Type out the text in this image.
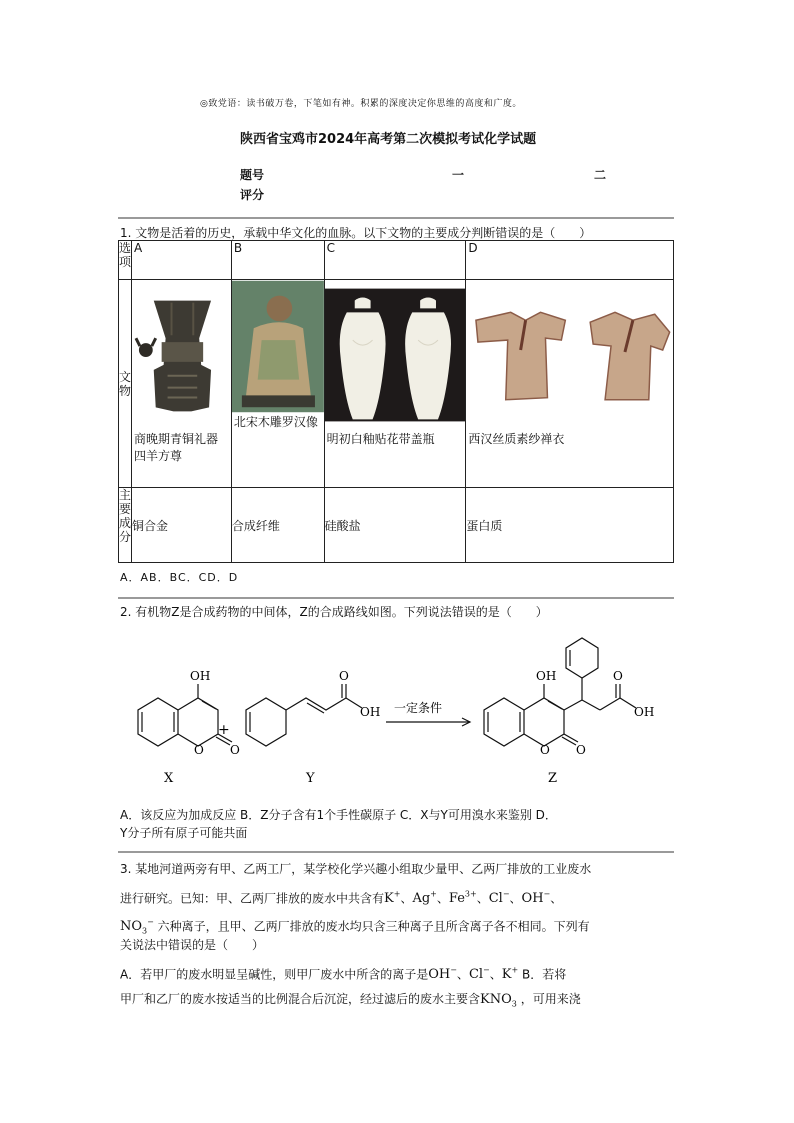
◎致党语：读书破万卷，下笔如有神。积累的深度决定你思维的高度和广度。
陕西省宝鸡市2024年高考第二次模拟考试化学试题
题号	一	二
评分
1. 文物是活着的历史，承载中华文化的血脉。以下文物的主要成分判断错误的是（　　）
选项	A	B	C	D

文物	商晚期青铜礼器四羊方尊	北宋木雕罗汉像	明初白釉贴花带盖瓶	西汉丝质素纱禅衣

主要成分	铜合金	合成纤维	硅酸盐	蛋白质
A．AB．BC．CD．D
2. 有机物Z是合成药物的中间体，Z的合成路线如图。下列说法错误的是（　　）
OH
O O
+
O
OH 一定条件
OH
O O
O
OH
X	Y	Z
A．该反应为加成反应 B．Z分子含有1个手性碳原子 C．X与Y可用溴水来鉴别 D．
Y分子所有原子可能共面
3. 某地河道两旁有甲、乙两工厂，某学校化学兴趣小组取少量甲、乙两厂排放的工业废水
进行研究。已知：甲、乙两厂排放的废水中共含有K+、Ag+、$Fe^{3+}$、Cl−、OH−、
$NO_3^-$ 六种离子，且甲、乙两厂排放的废水均只含三种离子且所含离子各不相同。下列有
关说法中错误的是（　　）
A．若甲厂的废水明显呈碱性，则甲厂废水中所含的离子是OH−、Cl−、K+ B．若将
甲厂和乙厂的废水按适当的比例混合后沉淀，经过滤后的废水主要含$KNO_3$ ，可用来浇
